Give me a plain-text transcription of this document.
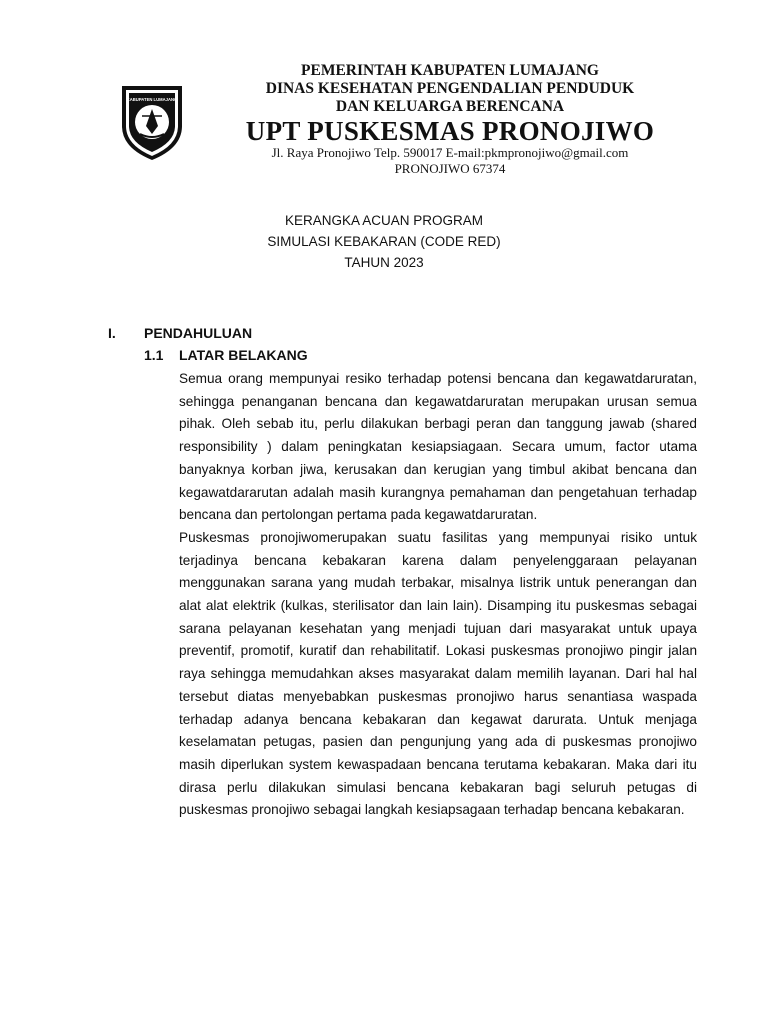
KABUPATEN LUMAJANG
PEMERINTAH KABUPATEN LUMAJANG
DINAS KESEHATAN PENGENDALIAN PENDUDUK
DAN KELUARGA BERENCANA
UPT PUSKESMAS PRONOJIWO
Jl. Raya Pronojiwo Telp. 590017 E-mail:pkmpronojiwo@gmail.com
PRONOJIWO 67374
KERANGKA ACUAN PROGRAM
SIMULASI KEBAKARAN (CODE RED)
TAHUN 2023
I. PENDAHULUAN
1.1 LATAR BELAKANG

Semua orang mempunyai resiko terhadap potensi bencana dan kegawatdaruratan, sehingga penanganan bencana dan kegawatdaruratan merupakan urusan semua pihak. Oleh sebab itu, perlu dilakukan berbagi peran dan tanggung jawab (shared responsibility ) dalam peningkatan kesiapsiagaan. Secara umum, factor utama banyaknya korban jiwa, kerusakan dan kerugian yang timbul akibat bencana dan kegawatdararutan adalah masih kurangnya pemahaman dan pengetahuan terhadap bencana dan pertolongan pertama pada kegawatdaruratan.

Puskesmas pronojiwomerupakan suatu fasilitas yang mempunyai risiko untuk terjadinya bencana kebakaran karena dalam penyelenggaraan pelayanan menggunakan sarana yang mudah terbakar, misalnya listrik untuk penerangan dan alat alat elektrik (kulkas, sterilisator dan lain lain). Disamping itu puskesmas sebagai sarana pelayanan kesehatan yang menjadi tujuan dari masyarakat untuk upaya preventif, promotif, kuratif dan rehabilitatif. Lokasi puskesmas pronojiwo pingir jalan raya sehingga memudahkan akses masyarakat dalam memilih layanan. Dari hal hal tersebut diatas menyebabkan puskesmas pronojiwo harus senantiasa waspada terhadap adanya bencana kebakaran dan kegawat darurata. Untuk menjaga keselamatan petugas, pasien dan pengunjung yang ada di puskesmas pronojiwo masih diperlukan system kewaspadaan bencana terutama kebakaran. Maka dari itu dirasa perlu dilakukan simulasi bencana kebakaran bagi seluruh petugas di puskesmas pronojiwo sebagai langkah kesiapsagaan terhadap bencana kebakaran.
